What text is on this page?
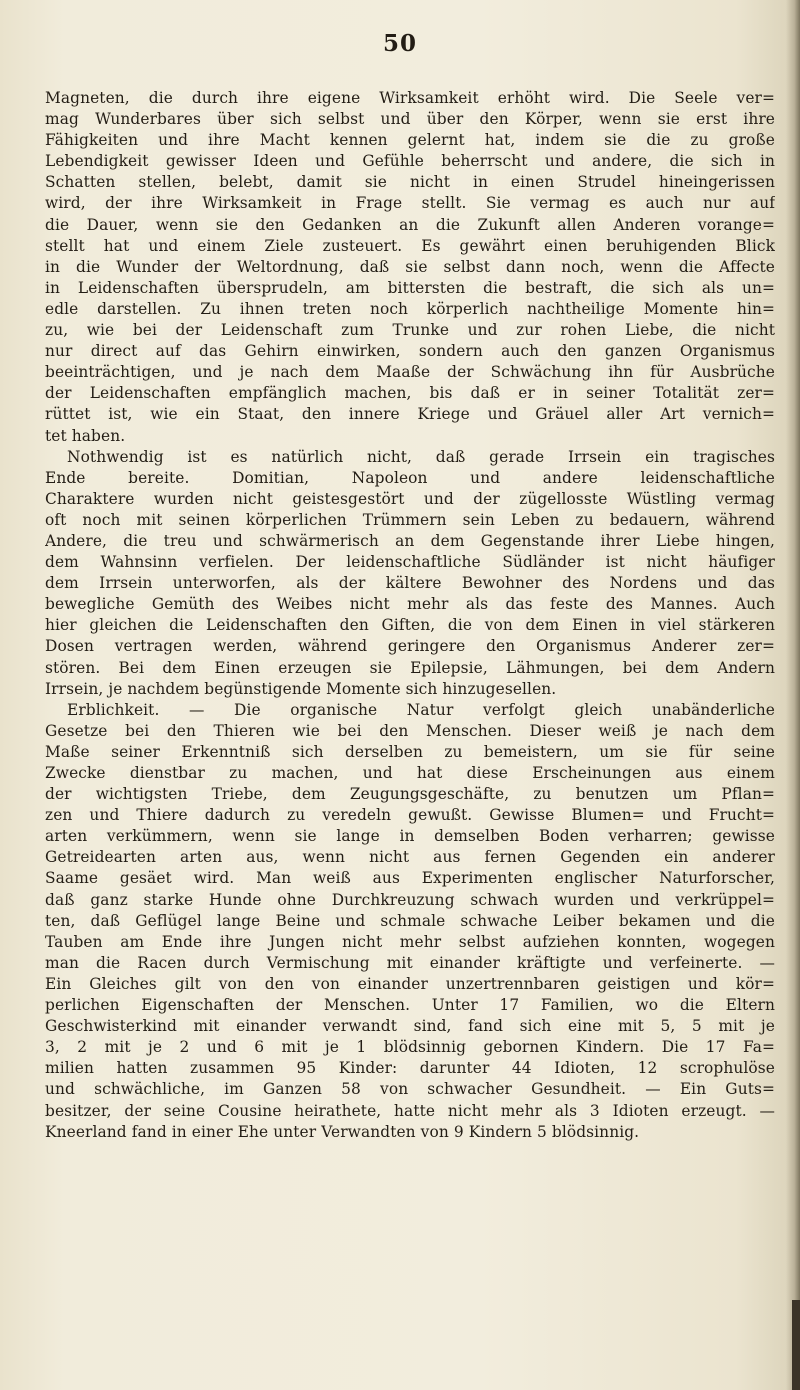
50
Magneten, die durch ihre eigene Wirksamkeit erhöht wird. Die Seele ver=
mag Wunderbares über sich selbst und über den Körper, wenn sie erst ihre
Fähigkeiten und ihre Macht kennen gelernt hat, indem sie die zu große
Lebendigkeit gewisser Ideen und Gefühle beherrscht und andere, die sich in
Schatten stellen, belebt, damit sie nicht in einen Strudel hineingerissen
wird, der ihre Wirksamkeit in Frage stellt. Sie vermag es auch nur auf
die Dauer, wenn sie den Gedanken an die Zukunft allen Anderen vorange=
stellt hat und einem Ziele zusteuert. Es gewährt einen beruhigenden Blick
in die Wunder der Weltordnung, daß sie selbst dann noch, wenn die Affecte
in Leidenschaften übersprudeln, am bittersten die bestraft, die sich als un=
edle darstellen. Zu ihnen treten noch körperlich nachtheilige Momente hin=
zu, wie bei der Leidenschaft zum Trunke und zur rohen Liebe, die nicht
nur direct auf das Gehirn einwirken, sondern auch den ganzen Organismus
beeinträchtigen, und je nach dem Maaße der Schwächung ihn für Ausbrüche
der Leidenschaften empfänglich machen, bis daß er in seiner Totalität zer=
rüttet ist, wie ein Staat, den innere Kriege und Gräuel aller Art vernich=
tet haben.
Nothwendig ist es natürlich nicht, daß gerade Irrsein ein tragisches
Ende bereite. Domitian, Napoleon und andere leidenschaftliche
Charaktere wurden nicht geistesgestört und der zügellosste Wüstling vermag
oft noch mit seinen körperlichen Trümmern sein Leben zu bedauern, während
Andere, die treu und schwärmerisch an dem Gegenstande ihrer Liebe hingen,
dem Wahnsinn verfielen. Der leidenschaftliche Südländer ist nicht häufiger
dem Irrsein unterworfen, als der kältere Bewohner des Nordens und das
bewegliche Gemüth des Weibes nicht mehr als das feste des Mannes. Auch
hier gleichen die Leidenschaften den Giften, die von dem Einen in viel stärkeren
Dosen vertragen werden, während geringere den Organismus Anderer zer=
stören. Bei dem Einen erzeugen sie Epilepsie, Lähmungen, bei dem Andern
Irrsein, je nachdem begünstigende Momente sich hinzugesellen.
Erblichkeit. — Die organische Natur verfolgt gleich unabänderliche
Gesetze bei den Thieren wie bei den Menschen. Dieser weiß je nach dem
Maße seiner Erkenntniß sich derselben zu bemeistern, um sie für seine
Zwecke dienstbar zu machen, und hat diese Erscheinungen aus einem
der wichtigsten Triebe, dem Zeugungsgeschäfte, zu benutzen um Pflan=
zen und Thiere dadurch zu veredeln gewußt. Gewisse Blumen= und Frucht=
arten verkümmern, wenn sie lange in demselben Boden verharren; gewisse
Getreidearten arten aus, wenn nicht aus fernen Gegenden ein anderer
Saame gesäet wird. Man weiß aus Experimenten englischer Naturforscher,
daß ganz starke Hunde ohne Durchkreuzung schwach wurden und verkrüppel=
ten, daß Geflügel lange Beine und schmale schwache Leiber bekamen und die
Tauben am Ende ihre Jungen nicht mehr selbst aufziehen konnten, wogegen
man die Racen durch Vermischung mit einander kräftigte und verfeinerte. —
Ein Gleiches gilt von den von einander unzertrennbaren geistigen und kör=
perlichen Eigenschaften der Menschen. Unter 17 Familien, wo die Eltern
Geschwisterkind mit einander verwandt sind, fand sich eine mit 5, 5 mit je
3, 2 mit je 2 und 6 mit je 1 blödsinnig gebornen Kindern. Die 17 Fa=
milien hatten zusammen 95 Kinder: darunter 44 Idioten, 12 scrophulöse
und schwächliche, im Ganzen 58 von schwacher Gesundheit. — Ein Guts=
besitzer, der seine Cousine heirathete, hatte nicht mehr als 3 Idioten erzeugt. —
Kneerland fand in einer Ehe unter Verwandten von 9 Kindern 5 blödsinnig.
